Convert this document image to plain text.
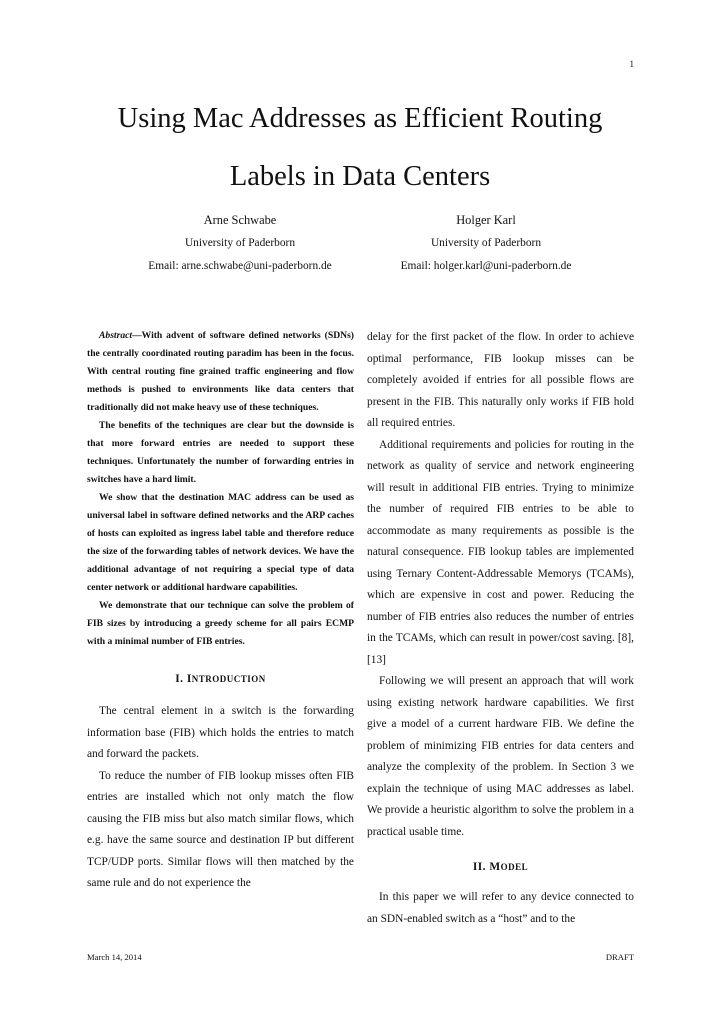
1
Using Mac Addresses as Efficient Routing
Labels in Data Centers
Arne Schwabe
University of Paderborn
Email: arne.schwabe@uni-paderborn.de
Holger Karl
University of Paderborn
Email: holger.karl@uni-paderborn.de

Abstract—With advent of software defined networks (SDNs) the centrally coordinated routing paradim has been in the focus. With central routing fine grained traffic engineering and flow methods is pushed to environments like data centers that traditionally did not make heavy use of these techniques.

The benefits of the techniques are clear but the downside is that more forward entries are needed to support these techniques. Unfortunately the number of forwarding entries in switches have a hard limit.

We show that the destination MAC address can be used as universal label in software defined networks and the ARP caches of hosts can exploited as ingress label table and therefore reduce the size of the forwarding tables of network devices. We have the additional advantage of not requiring a special type of data center network or additional hardware capabilities.

We demonstrate that our technique can solve the problem of FIB sizes by introducing a greedy scheme for all pairs ECMP with a minimal number of FIB entries.

I. INTRODUCTION

The central element in a switch is the forwarding information base (FIB) which holds the entries to match and forward the packets.

To reduce the number of FIB lookup misses often FIB entries are installed which not only match the flow causing the FIB miss but also match similar flows, which e.g. have the same source and destination IP but different TCP/UDP ports. Similar flows will then matched by the same rule and do not experience the

delay for the first packet of the flow. In order to achieve optimal performance, FIB lookup misses can be completely avoided if entries for all possible flows are present in the FIB. This naturally only works if FIB hold all required entries.

Additional requirements and policies for routing in the network as quality of service and network engineering will result in additional FIB entries. Trying to minimize the number of required FIB entries to be able to accommodate as many requirements as possible is the natural consequence. FIB lookup tables are implemented using Ternary Content-Addressable Memorys (TCAMs), which are expensive in cost and power. Reducing the number of FIB entries also reduces the number of entries in the TCAMs, which can result in power/cost saving. [8], [13]

Following we will present an approach that will work using existing network hardware capabilities. We first give a model of a current hardware FIB. We define the problem of minimizing FIB entries for data centers and analyze the complexity of the problem. In Section 3 we explain the technique of using MAC addresses as label. We provide a heuristic algorithm to solve the problem in a practical usable time.

II. MODEL

In this paper we will refer to any device connected to an SDN-enabled switch as a “host” and to the

March 14, 2014	DRAFT
